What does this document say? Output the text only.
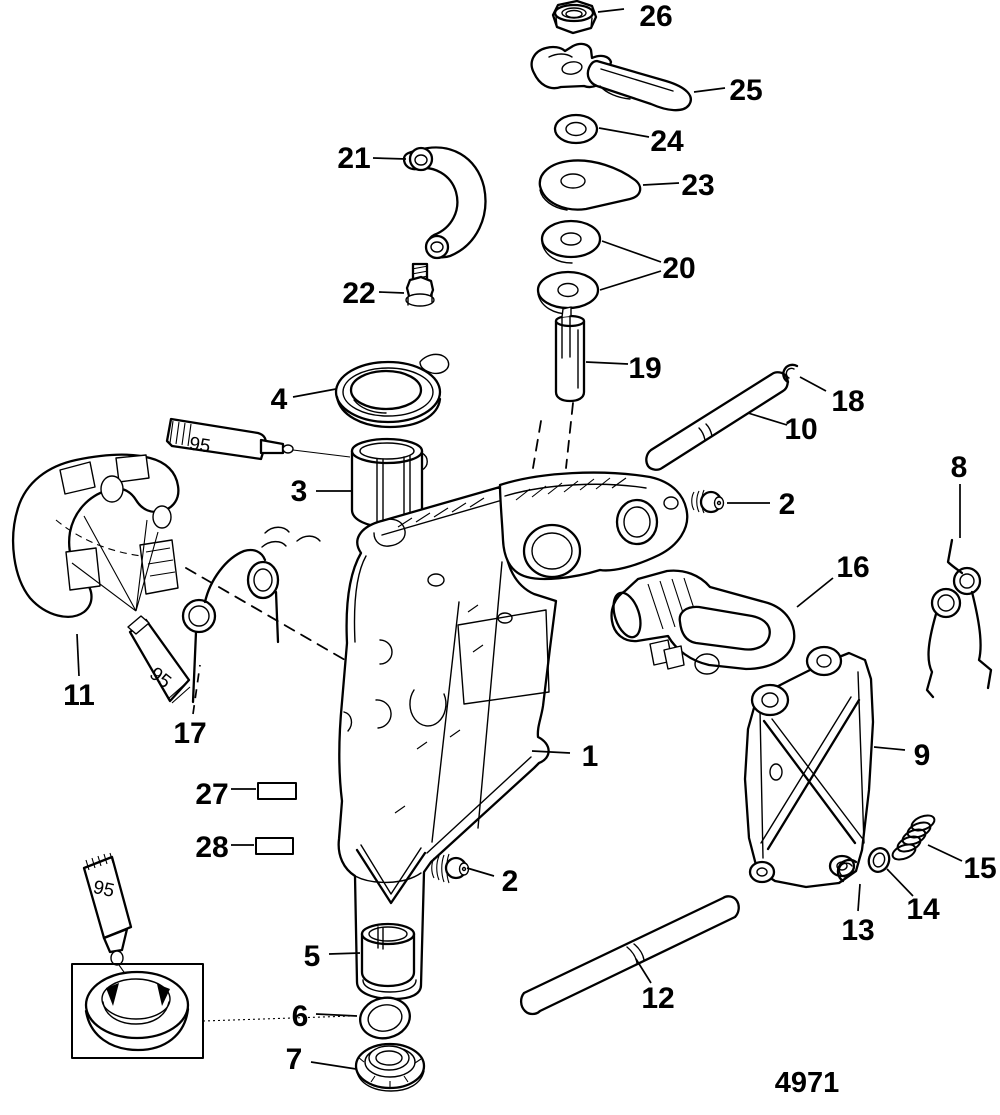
95
95
95
26
25
24
23
21
20
22
19
18
10
4
3	2
8
16
11
17
1	9
27
28
15
14
13
2
12
5
6
7
4971
